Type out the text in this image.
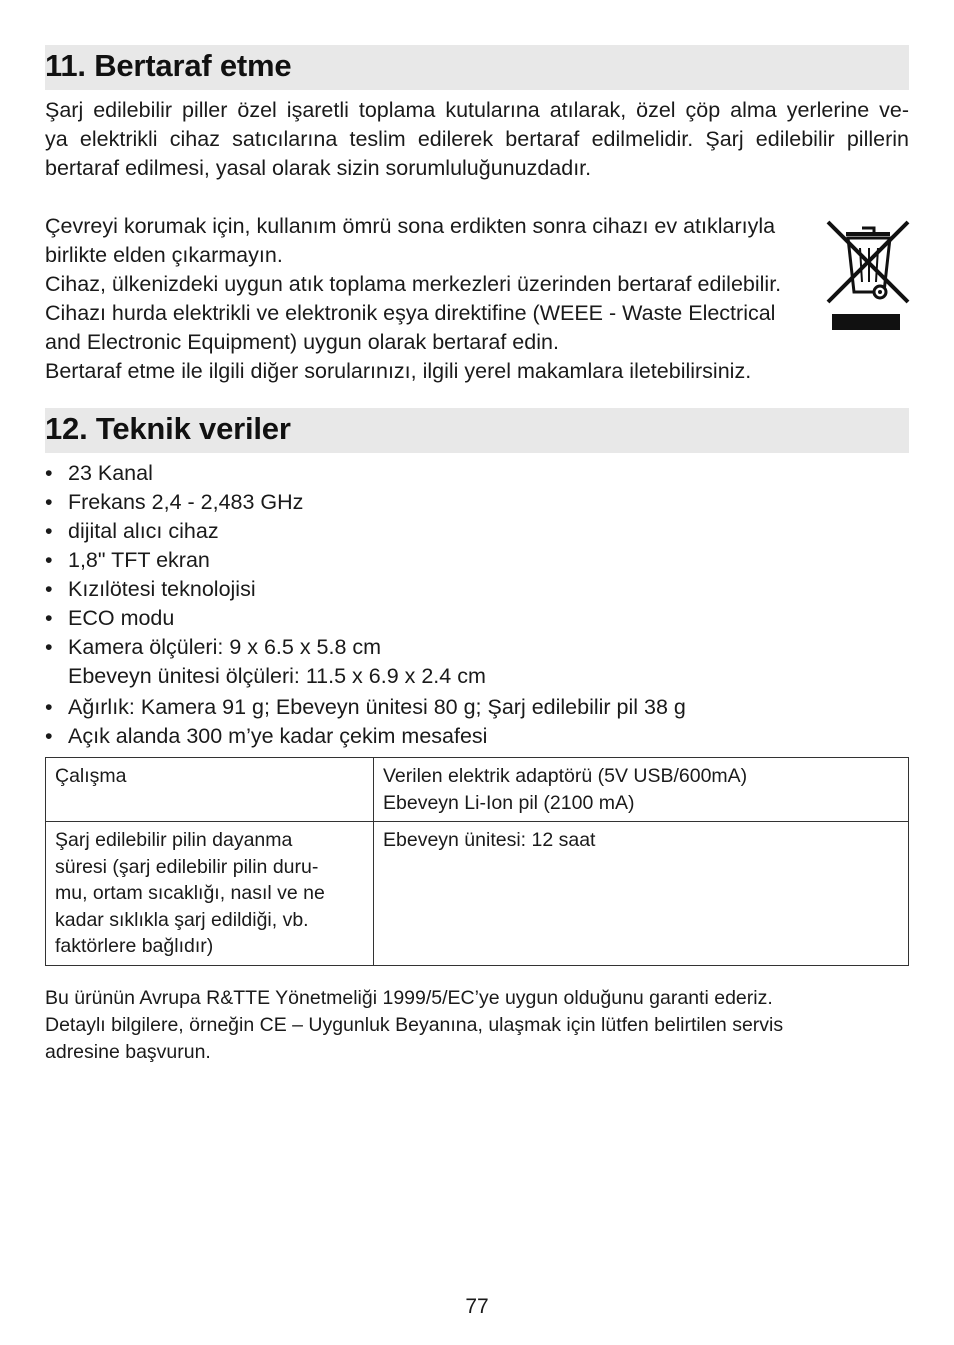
11. Bertaraf etme
Şarj edilebilir piller özel işaretli toplama kutularına atılarak, özel çöp alma yerlerine ve-
ya elektrikli cihaz satıcılarına teslim edilerek bertaraf edilmelidir. Şarj edilebilir pillerin
bertaraf edilmesi, yasal olarak sizin sorumluluğunuzdadır.
Çevreyi korumak için, kullanım ömrü sona erdikten sonra cihazı ev atıklarıyla
birlikte elden çıkarmayın.
Cihaz, ülkenizdeki uygun atık toplama merkezleri üzerinden bertaraf edilebilir.
Cihazı hurda elektrikli ve elektronik eşya direktifine (WEEE - Waste Electrical
and Electronic Equipment) uygun olarak bertaraf edin.
Bertaraf etme ile ilgili diğer sorularınızı, ilgili yerel makamlara iletebilirsiniz.
12. Teknik veriler
• 23 Kanal
• Frekans 2,4 - 2,483 GHz
• dijital alıcı cihaz
• 1,8" TFT ekran
• Kızılötesi teknolojisi
• ECO modu
• Kamera ölçüleri: 9 x 6.5 x 5.8 cm
Ebeveyn ünitesi ölçüleri: 11.5 x 6.9 x 2.4 cm
• Ağırlık: Kamera 91 g; Ebeveyn ünitesi 80 g; Şarj edilebilir pil 38 g
• Açık alanda 300 m’ye kadar çekim mesafesi
Çalışma	Verilen elektrik adaptörü (5V USB/600mA)
Ebeveyn Li-Ion pil (2100 mA)

Şarj edilebilir pilin dayanma
süresi (şarj edilebilir pilin duru-
mu, ortam sıcaklığı, nasıl ve ne
kadar sıklıkla şarj edildiği, vb.
faktörlere bağlıdır)	Ebeveyn ünitesi: 12 saat
Bu ürünün Avrupa R&TTE Yönetmeliği 1999/5/EC’ye uygun olduğunu garanti ederiz.
Detaylı bilgilere, örneğin CE – Uygunluk Beyanına, ulaşmak için lütfen belirtilen servis
adresine başvurun.
77
